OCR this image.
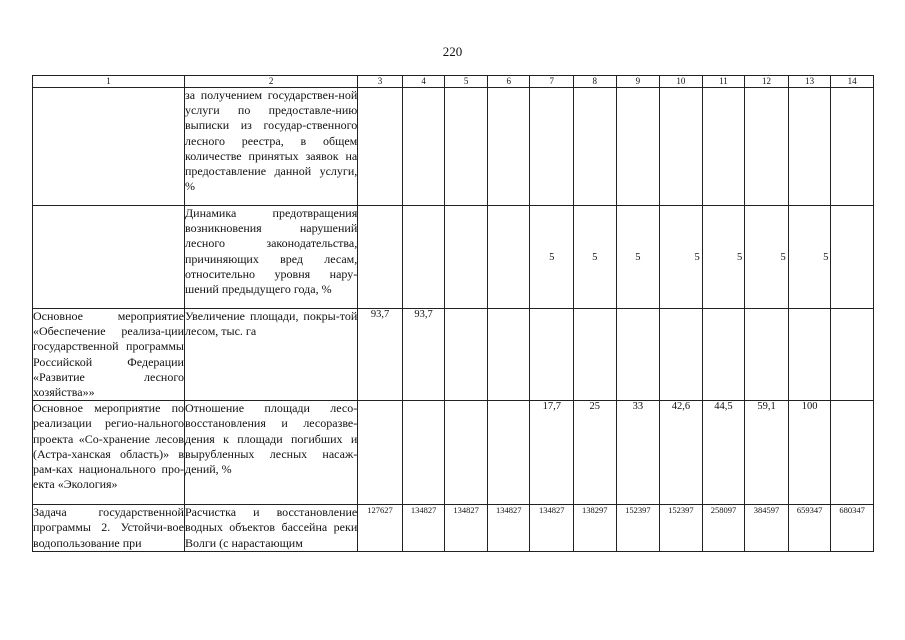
220
1	2	3	4	5	6	7	8	9	10	11	12	13	14
	за получением государствен-ной услуги по предоставле-нию выписки из государ-ственного лесного реестра, в общем количестве принятых заявок на предоставление данной услуги, %												
	Динамика предотвращения возникновения нарушений лесного законодательства, причиняющих вред лесам, относительно уровня нару-шений предыдущего года, %					5	5	5	5	5	5	5	
Основное мероприятие «Обеспечение реализа-ции государственной программы Российской Федерации «Развитие лесного хозяйства»»	Увеличение площади, покры-той лесом, тыс. га	93,7	93,7										
Основное мероприятие по реализации регио-нального проекта «Со-хранение лесов (Астра-ханская область)» в рам-ках национального про-екта «Экология»	Отношение площади лесо-восстановления и лесоразве-дения к площади погибших и вырубленных лесных насаж-дений, %					17,7	25	33	42,6	44,5	59,1	100	
Задача государственной программы 2. Устойчи-вое водопользование при	Расчистка и восстановление водных объектов бассейна реки Волги (с нарастающим	127627	134827	134827	134827	134827	138297	152397	152397	258097	384597	659347	680347
